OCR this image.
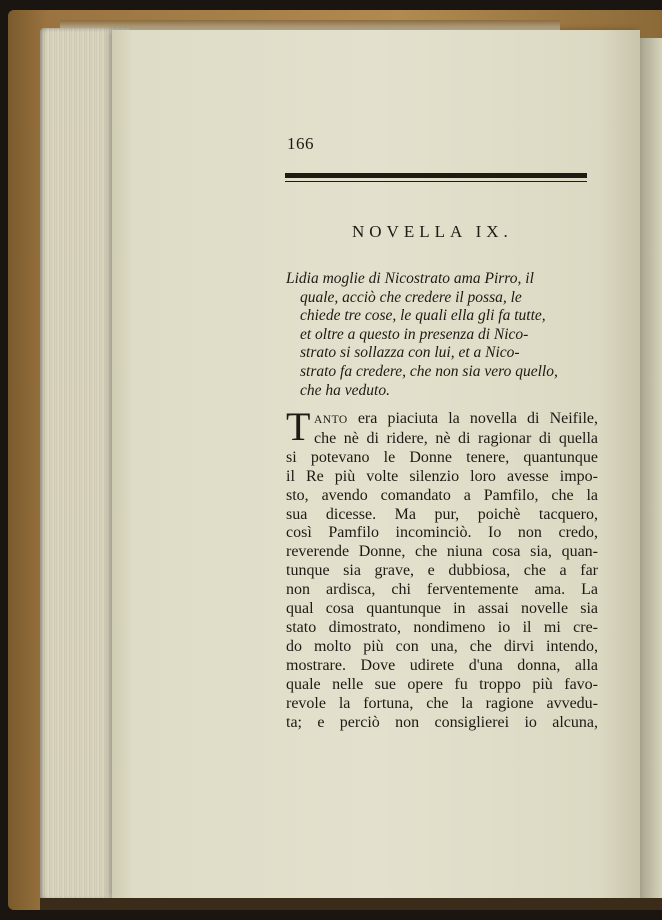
166
NOVELLA IX.
Lidia moglie di Nicostrato ama Pirro, il
quale, acciò che credere il possa, le
chiede tre cose, le quali ella gli fa tutte,
et oltre a questo in presenza di Nico-
strato si sollazza con lui, et a Nico-
strato fa credere, che non sia vero quello,
che ha veduto.
T ANTO era piaciuta la novella di Neifile,
che nè di ridere, nè di ragionar di quella
si potevano le Donne tenere, quantunque
il Re più volte silenzio loro avesse impo-
sto, avendo comandato a Pamfilo, che la
sua dicesse. Ma pur, poichè tacquero,
così Pamfilo incominciò. Io non credo,
reverende Donne, che niuna cosa sia, quan-
tunque sia grave, e dubbiosa, che a far
non ardisca, chi ferventemente ama. La
qual cosa quantunque in assai novelle sia
stato dimostrato, nondimeno io il mi cre-
do molto più con una, che dirvi intendo,
mostrare. Dove udirete d'una donna, alla
quale nelle sue opere fu troppo più favo-
revole la fortuna, che la ragione avvedu-
ta; e perciò non consiglierei io alcuna,
